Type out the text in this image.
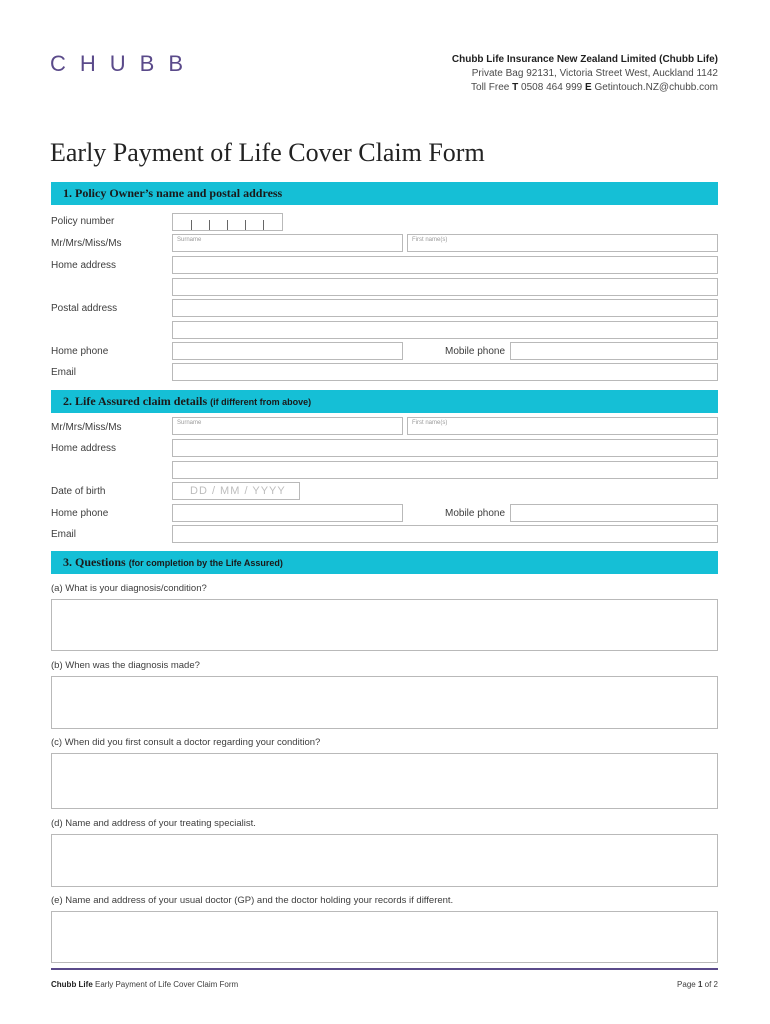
CHUBB	Chubb Life Insurance New Zealand Limited (Chubb Life)
Private Bag 92131, Victoria Street West, Auckland 1142
Toll Free T 0508 464 999 E Getintouch.NZ@chubb.com
Early Payment of Life Cover Claim Form
1. Policy Owner’s name and postal address
Policy number
Mr/Mrs/Miss/Ms	Surname	First name(s)
Home address
Postal address
Home phone	Mobile phone
Email
2. Life Assured claim details (if different from above)
Mr/Mrs/Miss/Ms	Surname	First name(s)
Home address
Date of birth	DD / MM / YYYY
Home phone	Mobile phone
Email
3. Questions (for completion by the Life Assured)
(a) What is your diagnosis/condition?
(b) When was the diagnosis made?
(c) When did you first consult a doctor regarding your condition?
(d) Name and address of your treating specialist.
(e) Name and address of your usual doctor (GP) and the doctor holding your records if different.
Chubb Life Early Payment of Life Cover Claim Form	Page 1 of 2
